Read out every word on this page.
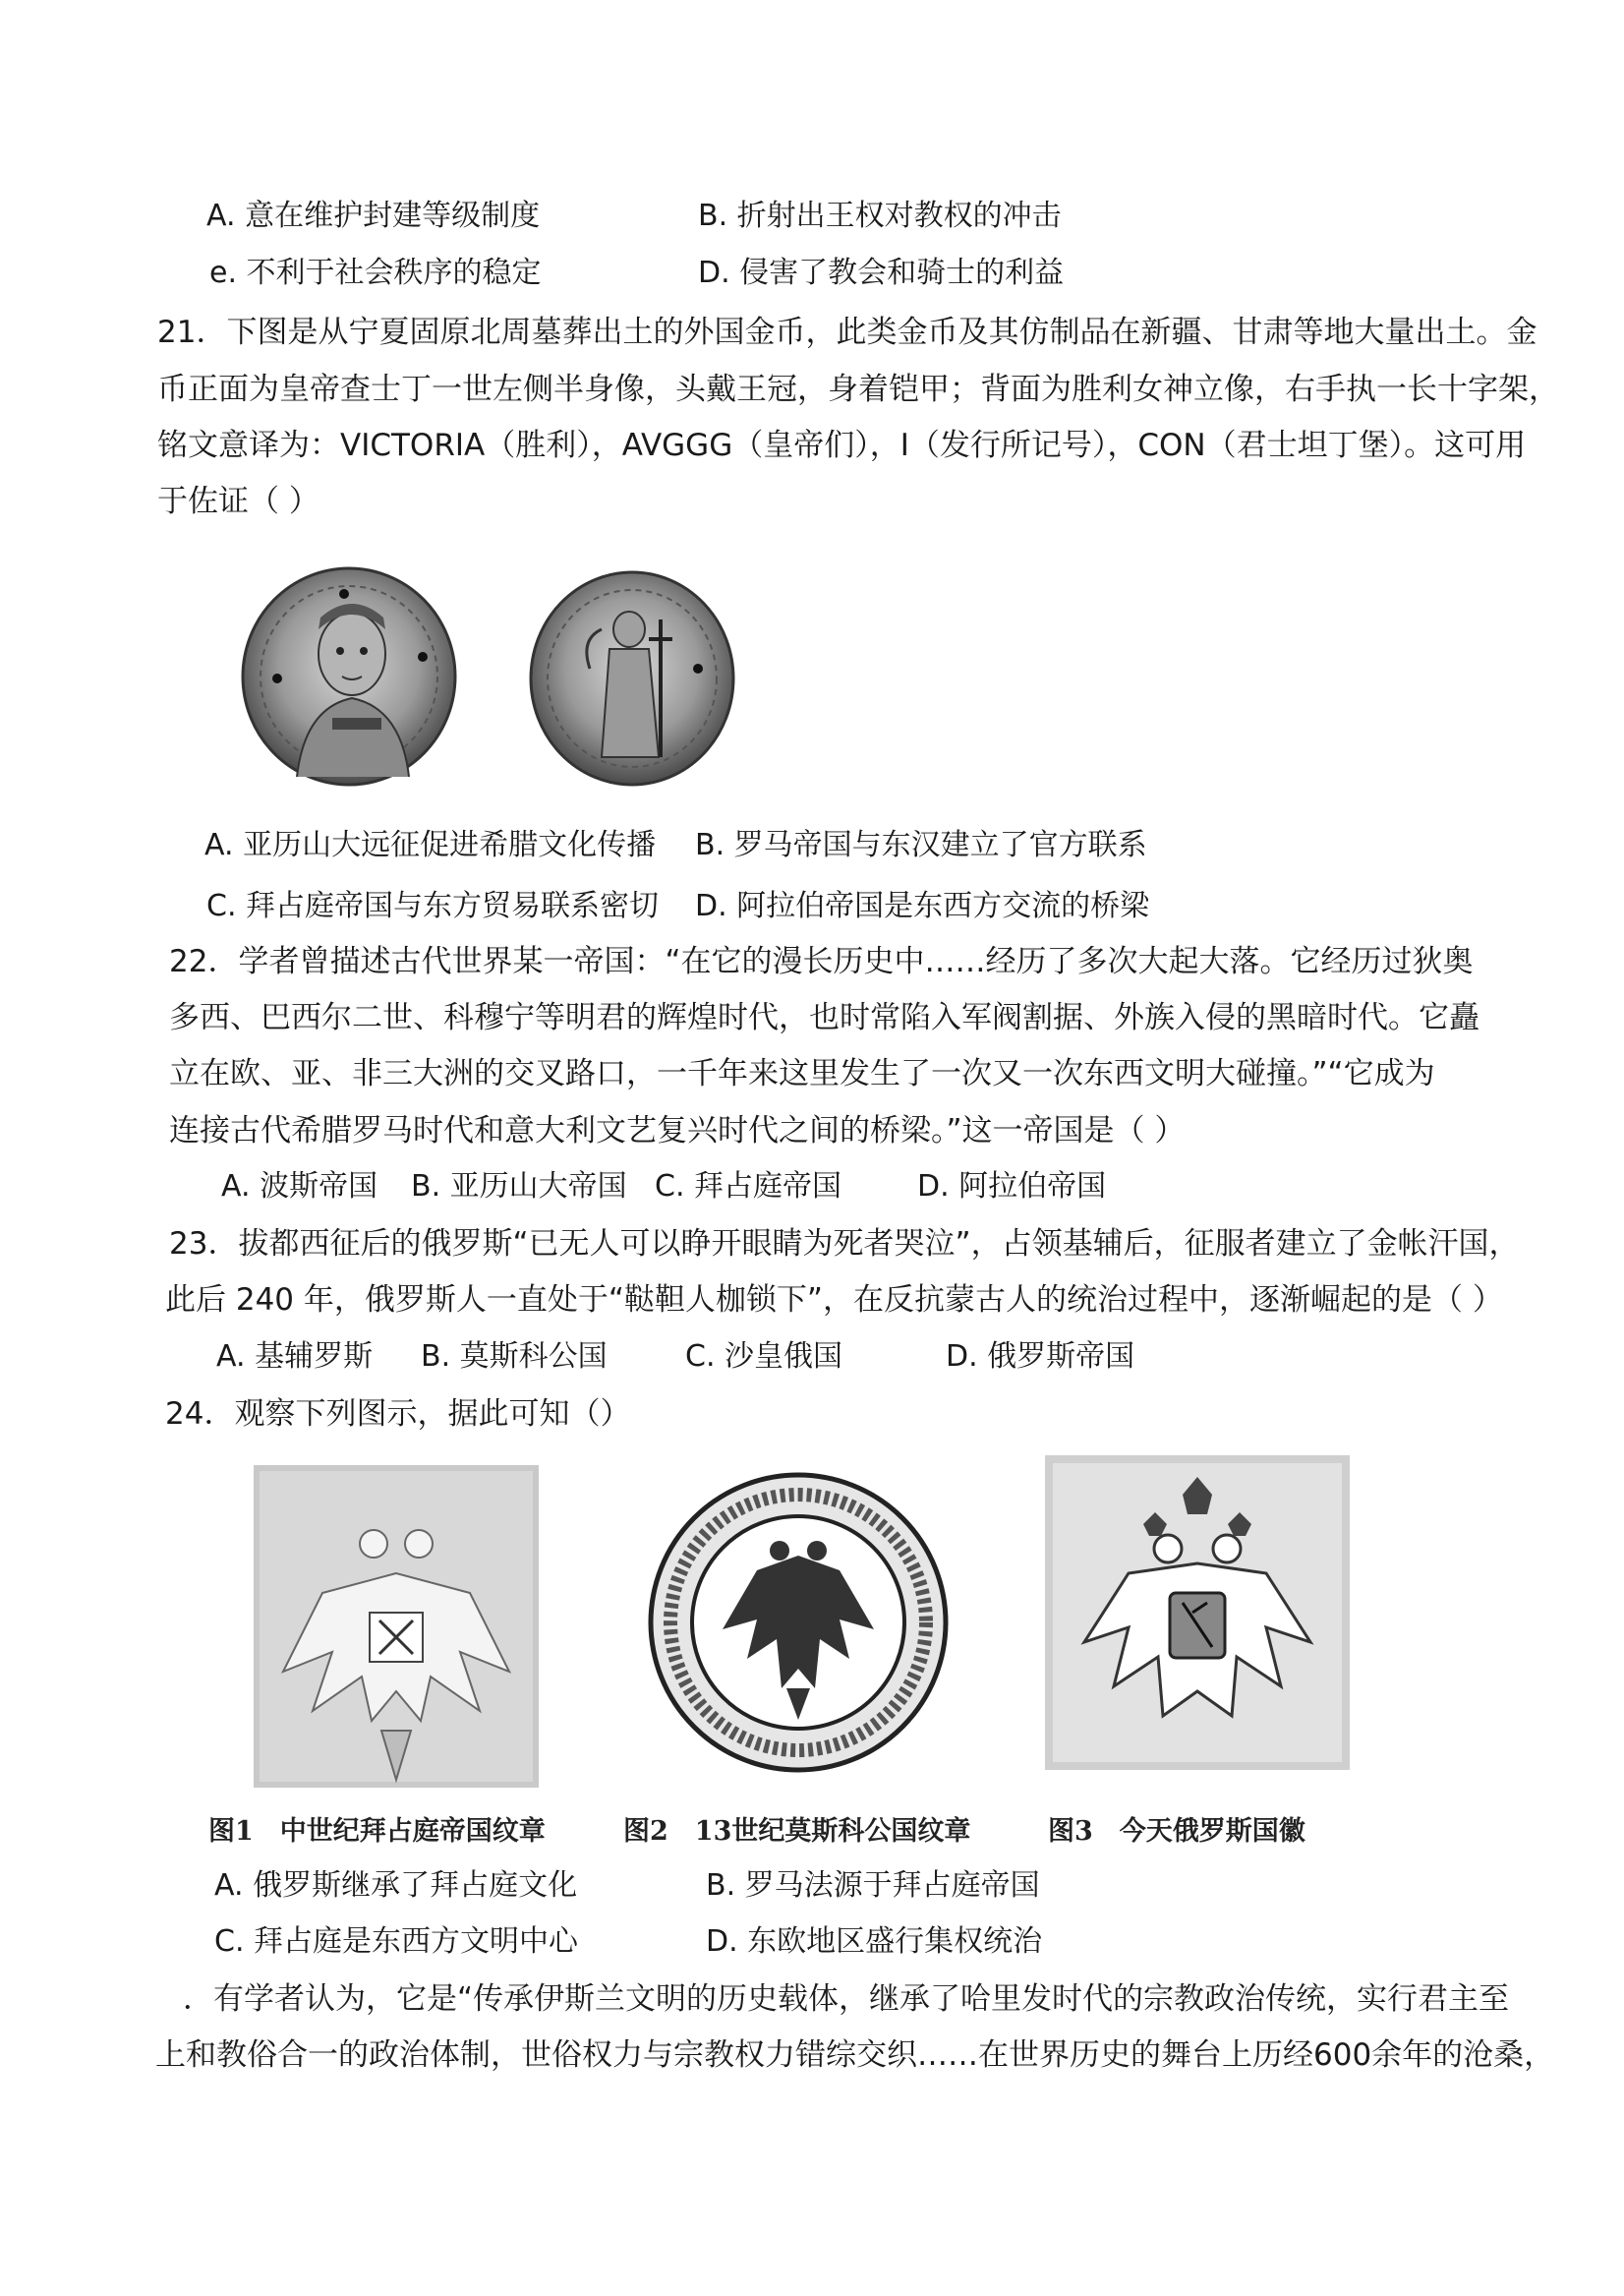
A. 意在维护封建等级制度	B. 折射出王权对教权的冲击
e. 不利于社会秩序的稳定	D. 侵害了教会和骑士的利益
21．下图是从宁夏固原北周墓葬出土的外国金币，此类金币及其仿制品在新疆、甘肃等地大量出土。金
币正面为皇帝查士丁一世左侧半身像，头戴王冠，身着铠甲；背面为胜利女神立像，右手执一长十字架，
铭文意译为：VICTORIA（胜利），AVGGG（皇帝们），I（发行所记号），CON（君士坦丁堡）。这可用
于佐证（ ）
A. 亚历山大远征促进希腊文化传播 B. 罗马帝国与东汉建立了官方联系
C. 拜占庭帝国与东方贸易联系密切 D. 阿拉伯帝国是东西方交流的桥梁
22．学者曾描述古代世界某一帝国：“在它的漫长历史中……经历了多次大起大落。它经历过狄奥
多西、巴西尔二世、科穆宁等明君的辉煌时代，也时常陷入军阀割据、外族入侵的黑暗时代。它矗
立在欧、亚、非三大洲的交叉路口，一千年来这里发生了一次又一次东西文明大碰撞。”“它成为
连接古代希腊罗马时代和意大利文艺复兴时代之间的桥梁。”这一帝国是（ ）
A. 波斯帝国 B. 亚历山大帝国 C. 拜占庭帝国	D. 阿拉伯帝国
23．拔都西征后的俄罗斯“已无人可以睁开眼睛为死者哭泣”，占领基辅后，征服者建立了金帐汗国，
此后 240 年，俄罗斯人一直处于“鞑靼人枷锁下”，在反抗蒙古人的统治过程中，逐渐崛起的是（ ）
A. 基辅罗斯 B. 莫斯科公国	C. 沙皇俄国	D. 俄罗斯帝国
24．观察下列图示，据此可知（）
图1　中世纪拜占庭帝国纹章	图2　13世纪莫斯科公国纹章	图3　今天俄罗斯国徽
A. 俄罗斯继承了拜占庭文化	B. 罗马法源于拜占庭帝国
C. 拜占庭是东西方文明中心	D. 东欧地区盛行集权统治
．有学者认为，它是“传承伊斯兰文明的历史载体，继承了哈里发时代的宗教政治传统，实行君主至
上和教俗合一的政治体制，世俗权力与宗教权力错综交织……在世界历史的舞台上历经600余年的沧桑，
